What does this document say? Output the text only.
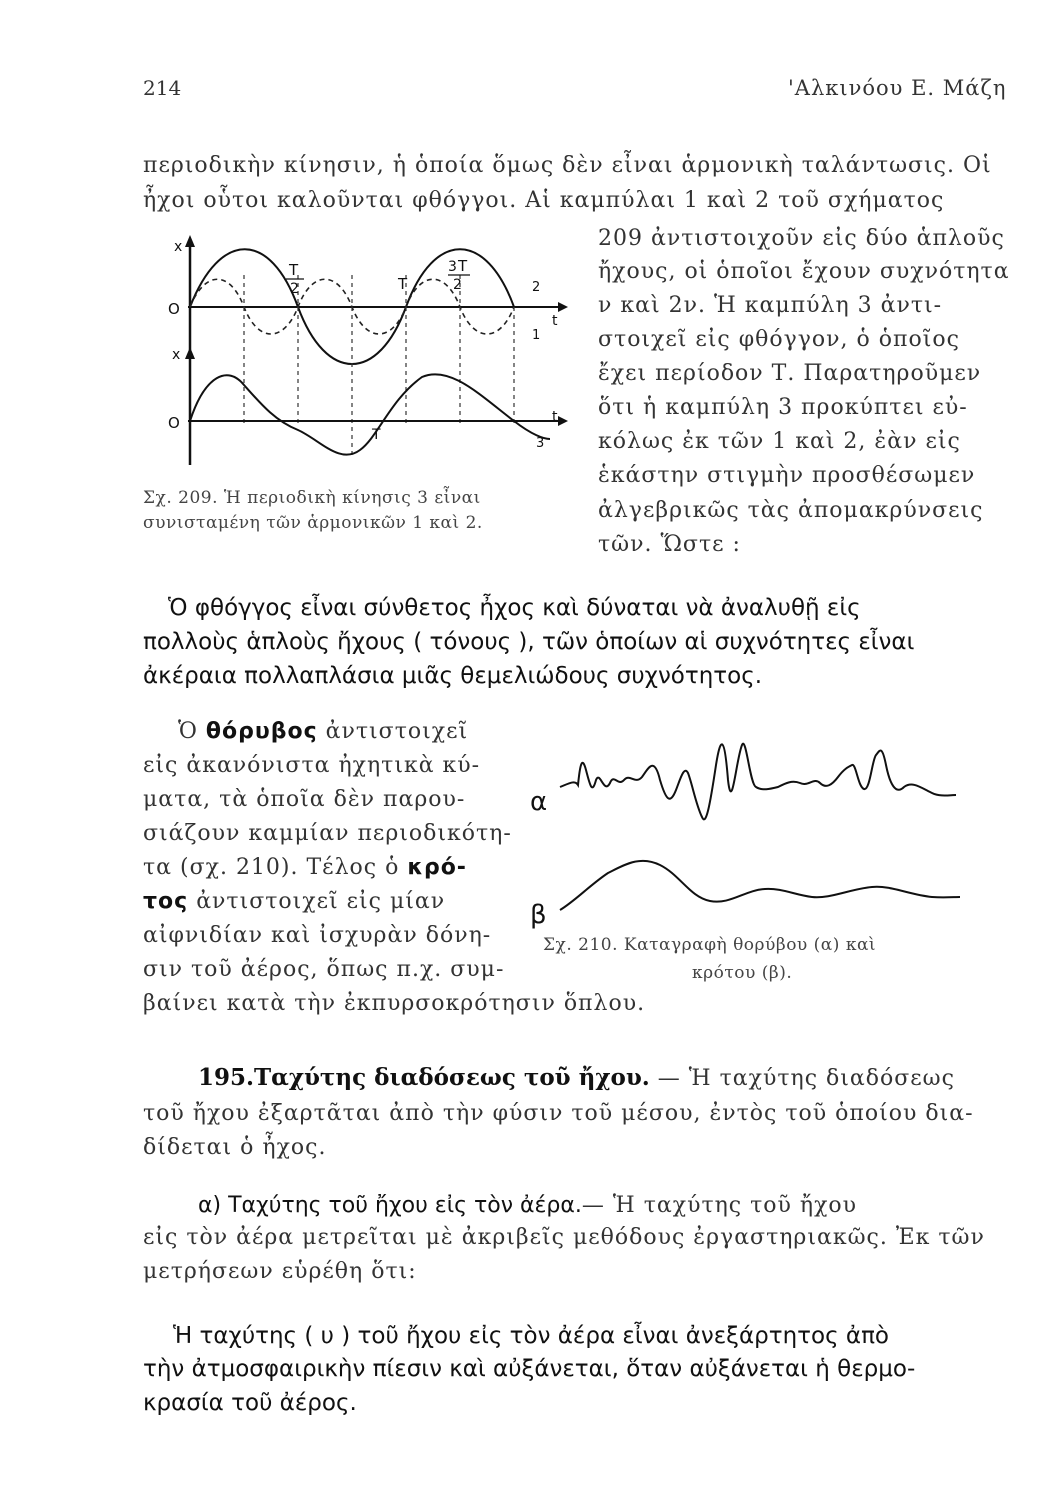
214	'Αλκινόου Ε. Μάζη
περιοδικὴν κίνησιν, ἡ ὁποία ὅμως δὲν εἶναι ἁρμονικὴ ταλάντωσις. Οἱ
ἦχοι οὗτοι καλοῦνται φθόγγοι. Αἱ καμπύλαι 1 καὶ 2 τοῦ σχήματος
209 ἀντιστοιχοῦν εἰς δύο ἁπλοῦς
ἤχους, οἱ ὁποῖοι ἔχουν συχνότητα
ν καὶ 2ν. Ἡ καμπύλη 3 ἀντι-
στοιχεῖ εἰς φθόγγον, ὁ ὁποῖος
ἔχει περίοδον Τ. Παρατηροῦμεν
ὅτι ἡ καμπύλη 3 προκύπτει εὐ-
κόλως ἐκ τῶν 1 καὶ 2, ἐὰν εἰς
ἑκάστην στιγμὴν προσθέσωμεν
ἀλγεβρικῶς τὰς ἀπομακρύνσεις
τῶν. Ὥστε :
x
O
t
x
O	t
T
2	T
3 T
2	2
1
T
3
Σχ. 209. Ἡ περιοδικὴ κίνησις 3 εἶναι
συνισταμένη τῶν ἁρμονικῶν 1 καὶ 2.
Ὁ φθόγγος εἶναι σύνθετος ἦχος καὶ δύναται νὰ ἀναλυθῇ εἰς
πολλοὺς ἁπλοὺς ἤχους ( τόνους ), τῶν ὁποίων αἱ συχνότητες εἶναι
ἀκέραια πολλαπλάσια μιᾶς θεμελιώδους συχνότητος.
Ὁ θόρυβος ἀντιστοιχεῖ
εἰς ἀκανόνιστα ἠχητικὰ κύ-
ματα, τὰ ὁποῖα δὲν παρου-
σιάζουν καμμίαν περιοδικότη-
τα (σχ. 210). Τέλος ὁ κρό-
τος ἀντιστοιχεῖ εἰς μίαν
αἰφνιδίαν καὶ ἰσχυρὰν δόνη-
σιν τοῦ ἀέρος, ὅπως π.χ. συμ-
βαίνει κατὰ τὴν ἐκπυρσοκρότησιν ὅπλου.
α
β
Σχ. 210. Καταγραφὴ θορύβου (α) καὶ
κρότου (β).
195.Ταχύτης διαδόσεως τοῦ ἤχου. — Ἡ ταχύτης διαδόσεως
τοῦ ἤχου ἐξαρτᾶται ἀπὸ τὴν φύσιν τοῦ μέσου, ἐντὸς τοῦ ὁποίου δια-
δίδεται ὁ ἦχος.
α) Ταχύτης τοῦ ἤχου εἰς τὸν ἀέρα.— Ἡ ταχύτης τοῦ ἤχου
εἰς τὸν ἀέρα μετρεῖται μὲ ἀκριβεῖς μεθόδους ἐργαστηριακῶς. Ἐκ τῶν
μετρήσεων εὑρέθη ὅτι:
Ἡ ταχύτης ( υ ) τοῦ ἤχου εἰς τὸν ἀέρα εἶναι ἀνεξάρτητος ἀπὸ
τὴν ἀτμοσφαιρικὴν πίεσιν καὶ αὐξάνεται, ὅταν αὐξάνεται ἡ θερμο-
κρασία τοῦ ἀέρος.
